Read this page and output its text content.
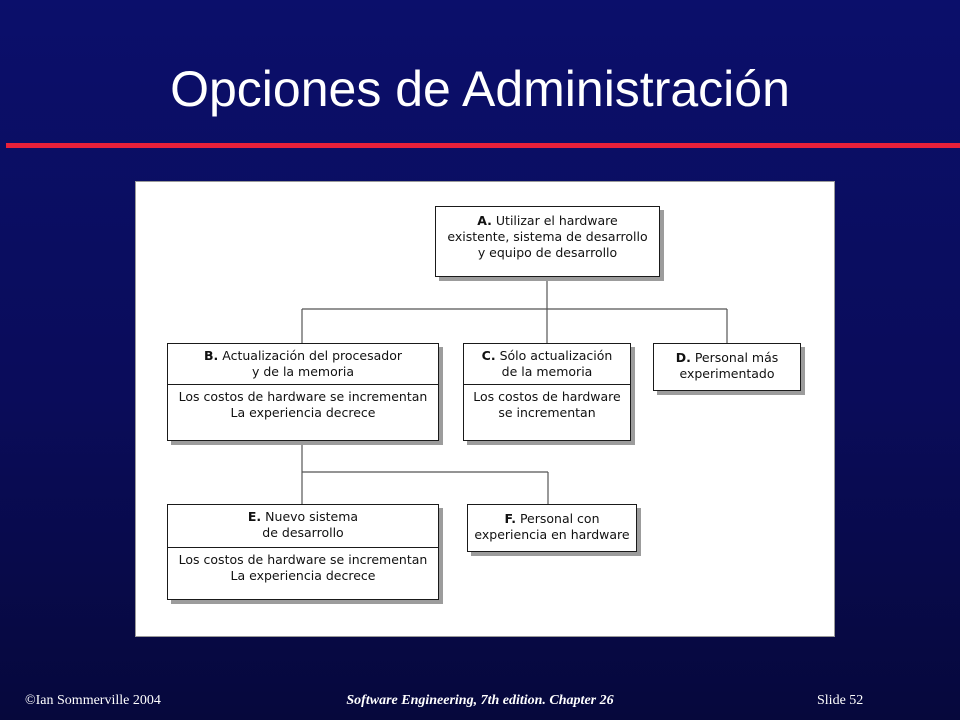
Opciones de Administración
A. Utilizar el hardware
existente, sistema de desarrollo
y equipo de desarrollo
B. Actualización del procesador
y de la memoria
Los costos de hardware se incrementan
La experiencia decrece
C. Sólo actualización
de la memoria
Los costos de hardware
se incrementan
D. Personal más
experimentado
E. Nuevo sistema
de desarrollo
Los costos de hardware se incrementan
La experiencia decrece
F. Personal con
experiencia en hardware
©Ian Sommerville 2004	Software Engineering, 7th edition. Chapter 26	Slide 52
